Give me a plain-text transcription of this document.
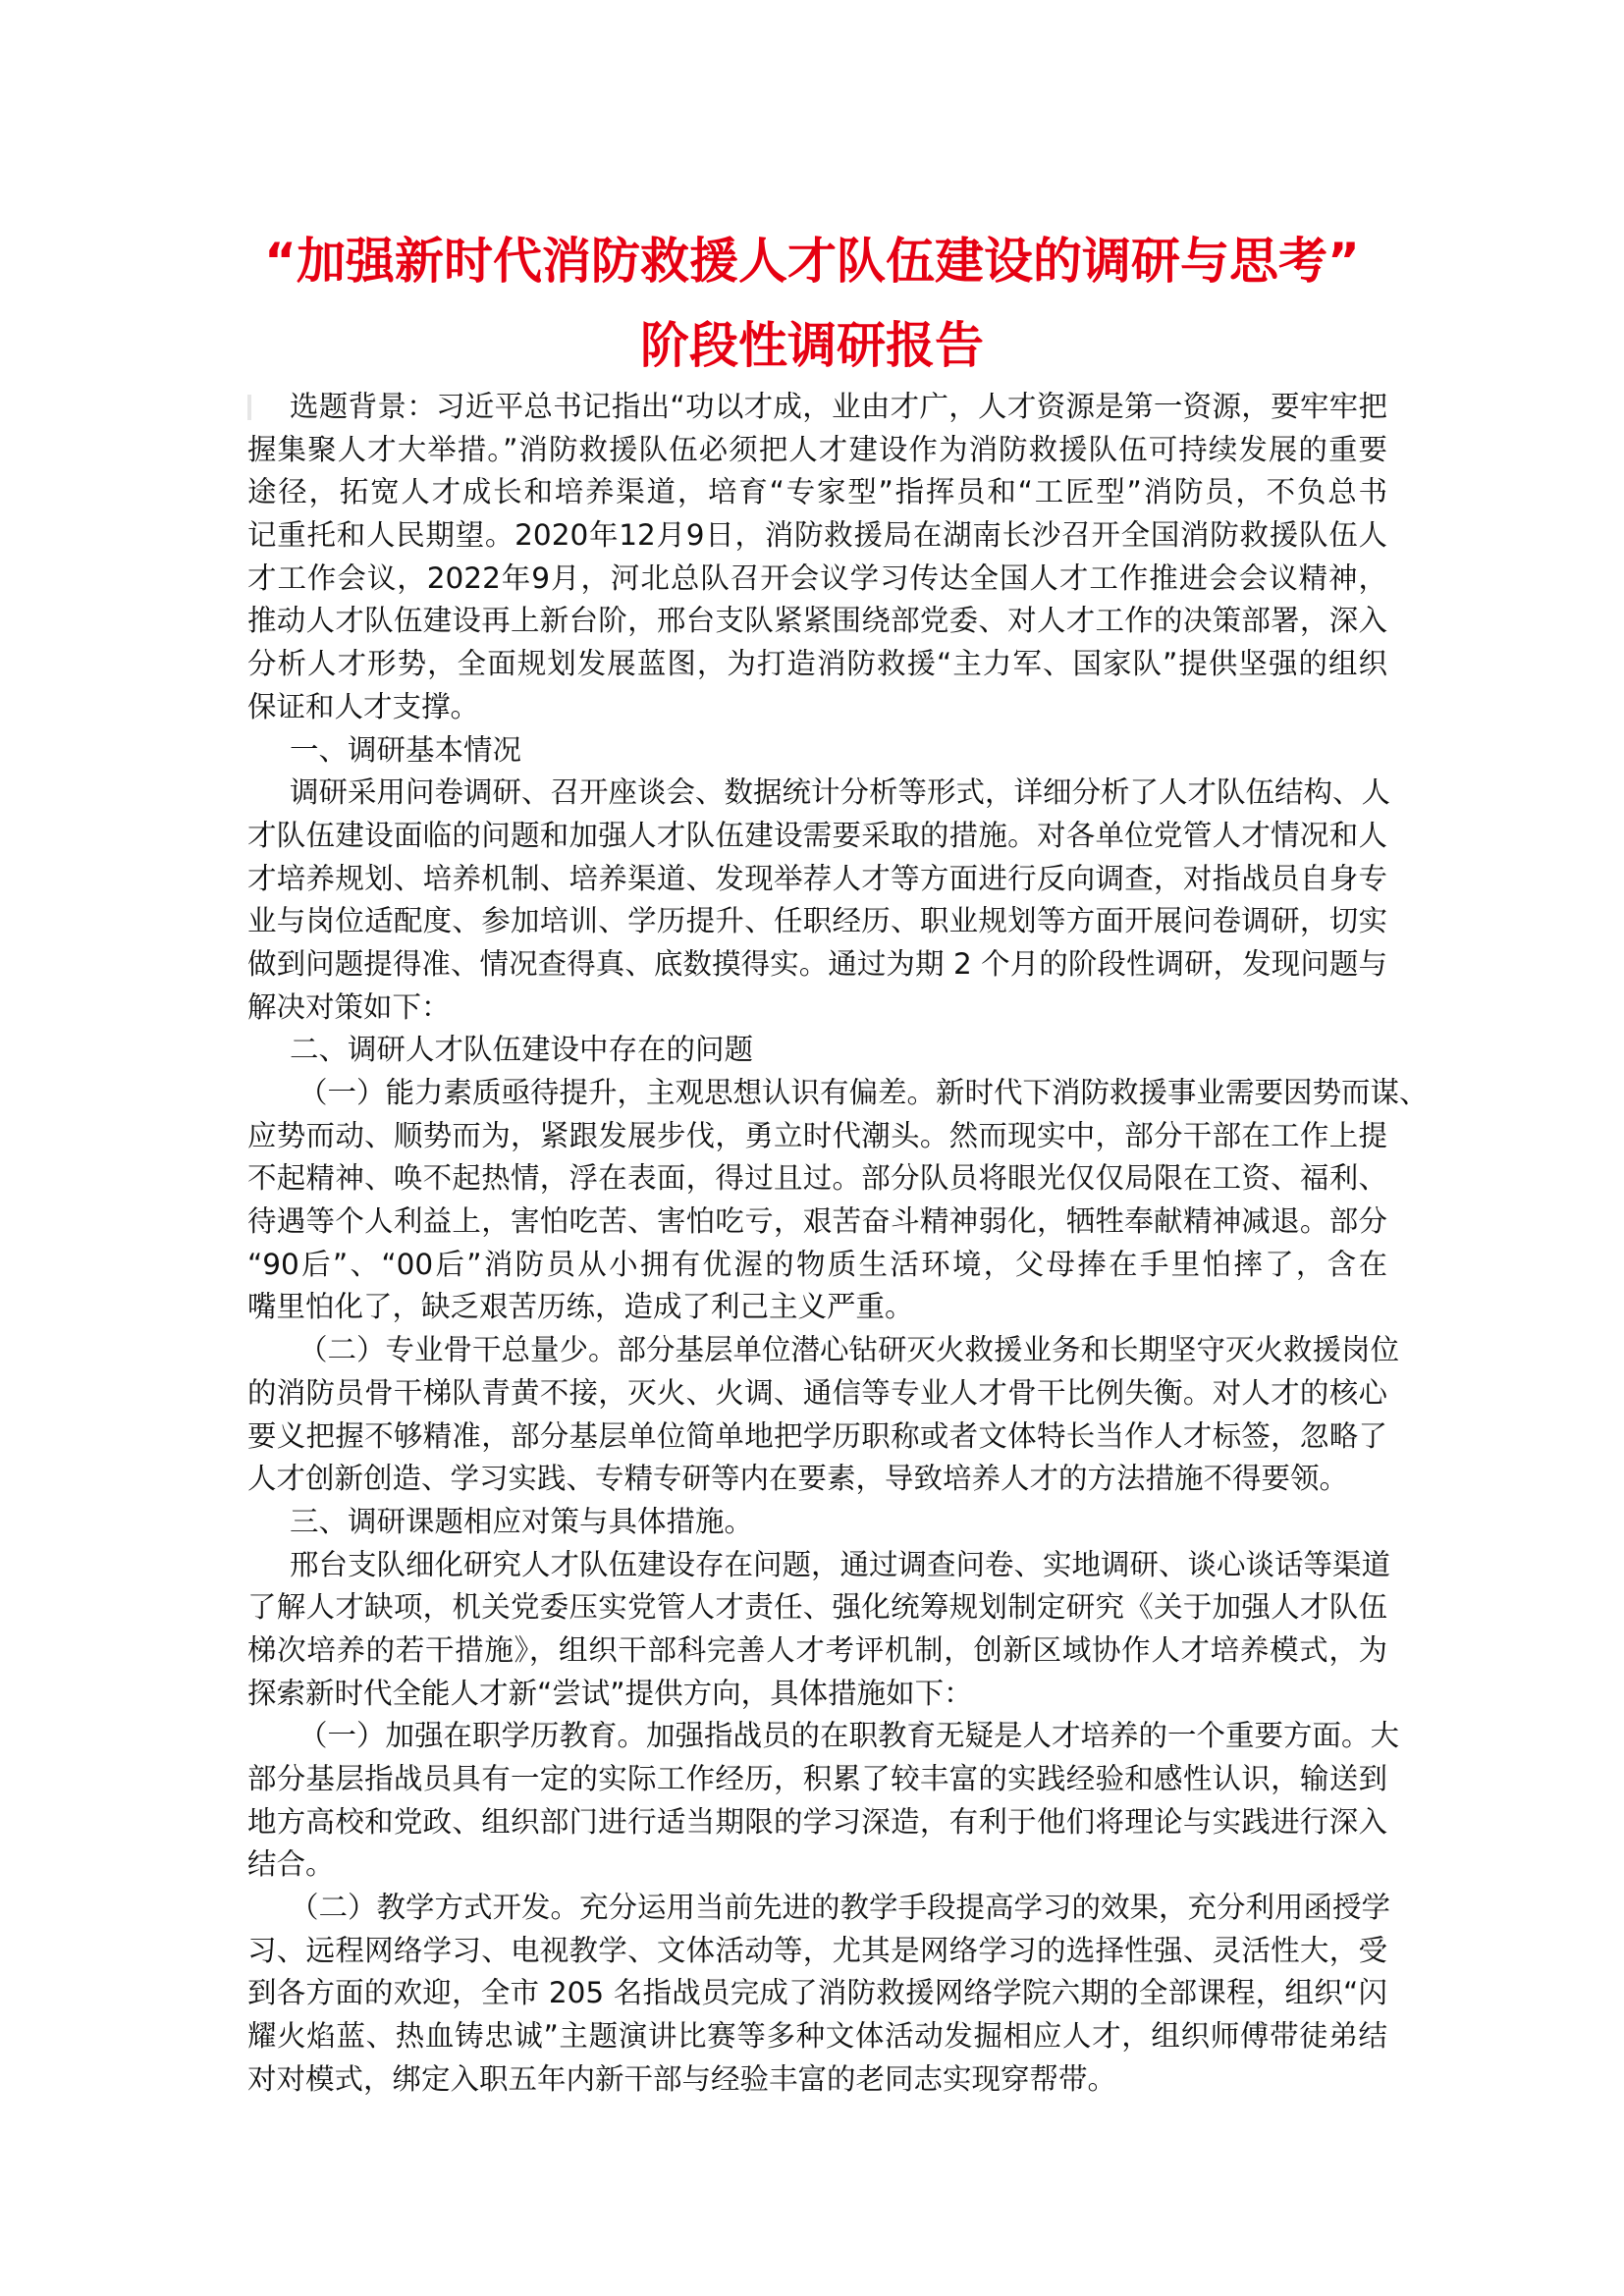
“加强新时代消防救援人才队伍建设的调研与思考”
阶段性调研报告
选题背景：习近平总书记指出“功以才成，业由才广，人才资源是第一资源，要牢牢把
握集聚人才大举措。”消防救援队伍必须把人才建设作为消防救援队伍可持续发展的重要
途径，拓宽人才成长和培养渠道，培育“专家型”指挥员和“工匠型”消防员，不负总书
记重托和人民期望。2020年12月9日，消防救援局在湖南长沙召开全国消防救援队伍人
才工作会议，2022年9月，河北总队召开会议学习传达全国人才工作推进会会议精神，
推动人才队伍建设再上新台阶，邢台支队紧紧围绕部党委、对人才工作的决策部署，深入
分析人才形势，全面规划发展蓝图，为打造消防救援“主力军、国家队”提供坚强的组织
保证和人才支撑。
一、调研基本情况
调研采用问卷调研、召开座谈会、数据统计分析等形式，详细分析了人才队伍结构、人
才队伍建设面临的问题和加强人才队伍建设需要采取的措施。对各单位党管人才情况和人
才培养规划、培养机制、培养渠道、发现举荐人才等方面进行反向调查，对指战员自身专
业与岗位适配度、参加培训、学历提升、任职经历、职业规划等方面开展问卷调研，切实
做到问题提得准、情况查得真、底数摸得实。通过为期 2 个月的阶段性调研，发现问题与
解决对策如下：
二、调研人才队伍建设中存在的问题
（一）能力素质亟待提升，主观思想认识有偏差。新时代下消防救援事业需要因势而谋、
应势而动、顺势而为，紧跟发展步伐，勇立时代潮头。然而现实中，部分干部在工作上提
不起精神、唤不起热情，浮在表面，得过且过。部分队员将眼光仅仅局限在工资、福利、
待遇等个人利益上，害怕吃苦、害怕吃亏，艰苦奋斗精神弱化，牺牲奉献精神减退。部分
“90后”、“00后”消防员从小拥有优渥的物质生活环境，父母捧在手里怕摔了，含在
嘴里怕化了，缺乏艰苦历练，造成了利己主义严重。
（二）专业骨干总量少。部分基层单位潜心钻研灭火救援业务和长期坚守灭火救援岗位
的消防员骨干梯队青黄不接，灭火、火调、通信等专业人才骨干比例失衡。对人才的核心
要义把握不够精准，部分基层单位简单地把学历职称或者文体特长当作人才标签，忽略了
人才创新创造、学习实践、专精专研等内在要素，导致培养人才的方法措施不得要领。
三、调研课题相应对策与具体措施。
邢台支队细化研究人才队伍建设存在问题，通过调查问卷、实地调研、谈心谈话等渠道
了解人才缺项，机关党委压实党管人才责任、强化统筹规划制定研究《关于加强人才队伍
梯次培养的若干措施》，组织干部科完善人才考评机制，创新区域协作人才培养模式，为
探索新时代全能人才新“尝试”提供方向，具体措施如下：
（一）加强在职学历教育。加强指战员的在职教育无疑是人才培养的一个重要方面。大
部分基层指战员具有一定的实际工作经历，积累了较丰富的实践经验和感性认识，输送到
地方高校和党政、组织部门进行适当期限的学习深造，有利于他们将理论与实践进行深入
结合。
（二）教学方式开发。充分运用当前先进的教学手段提高学习的效果，充分利用函授学
习、远程网络学习、电视教学、文体活动等，尤其是网络学习的选择性强、灵活性大，受
到各方面的欢迎，全市 205 名指战员完成了消防救援网络学院六期的全部课程，组织“闪
耀火焰蓝、热血铸忠诚”主题演讲比赛等多种文体活动发掘相应人才，组织师傅带徒弟结
对对模式，绑定入职五年内新干部与经验丰富的老同志实现穿帮带。
